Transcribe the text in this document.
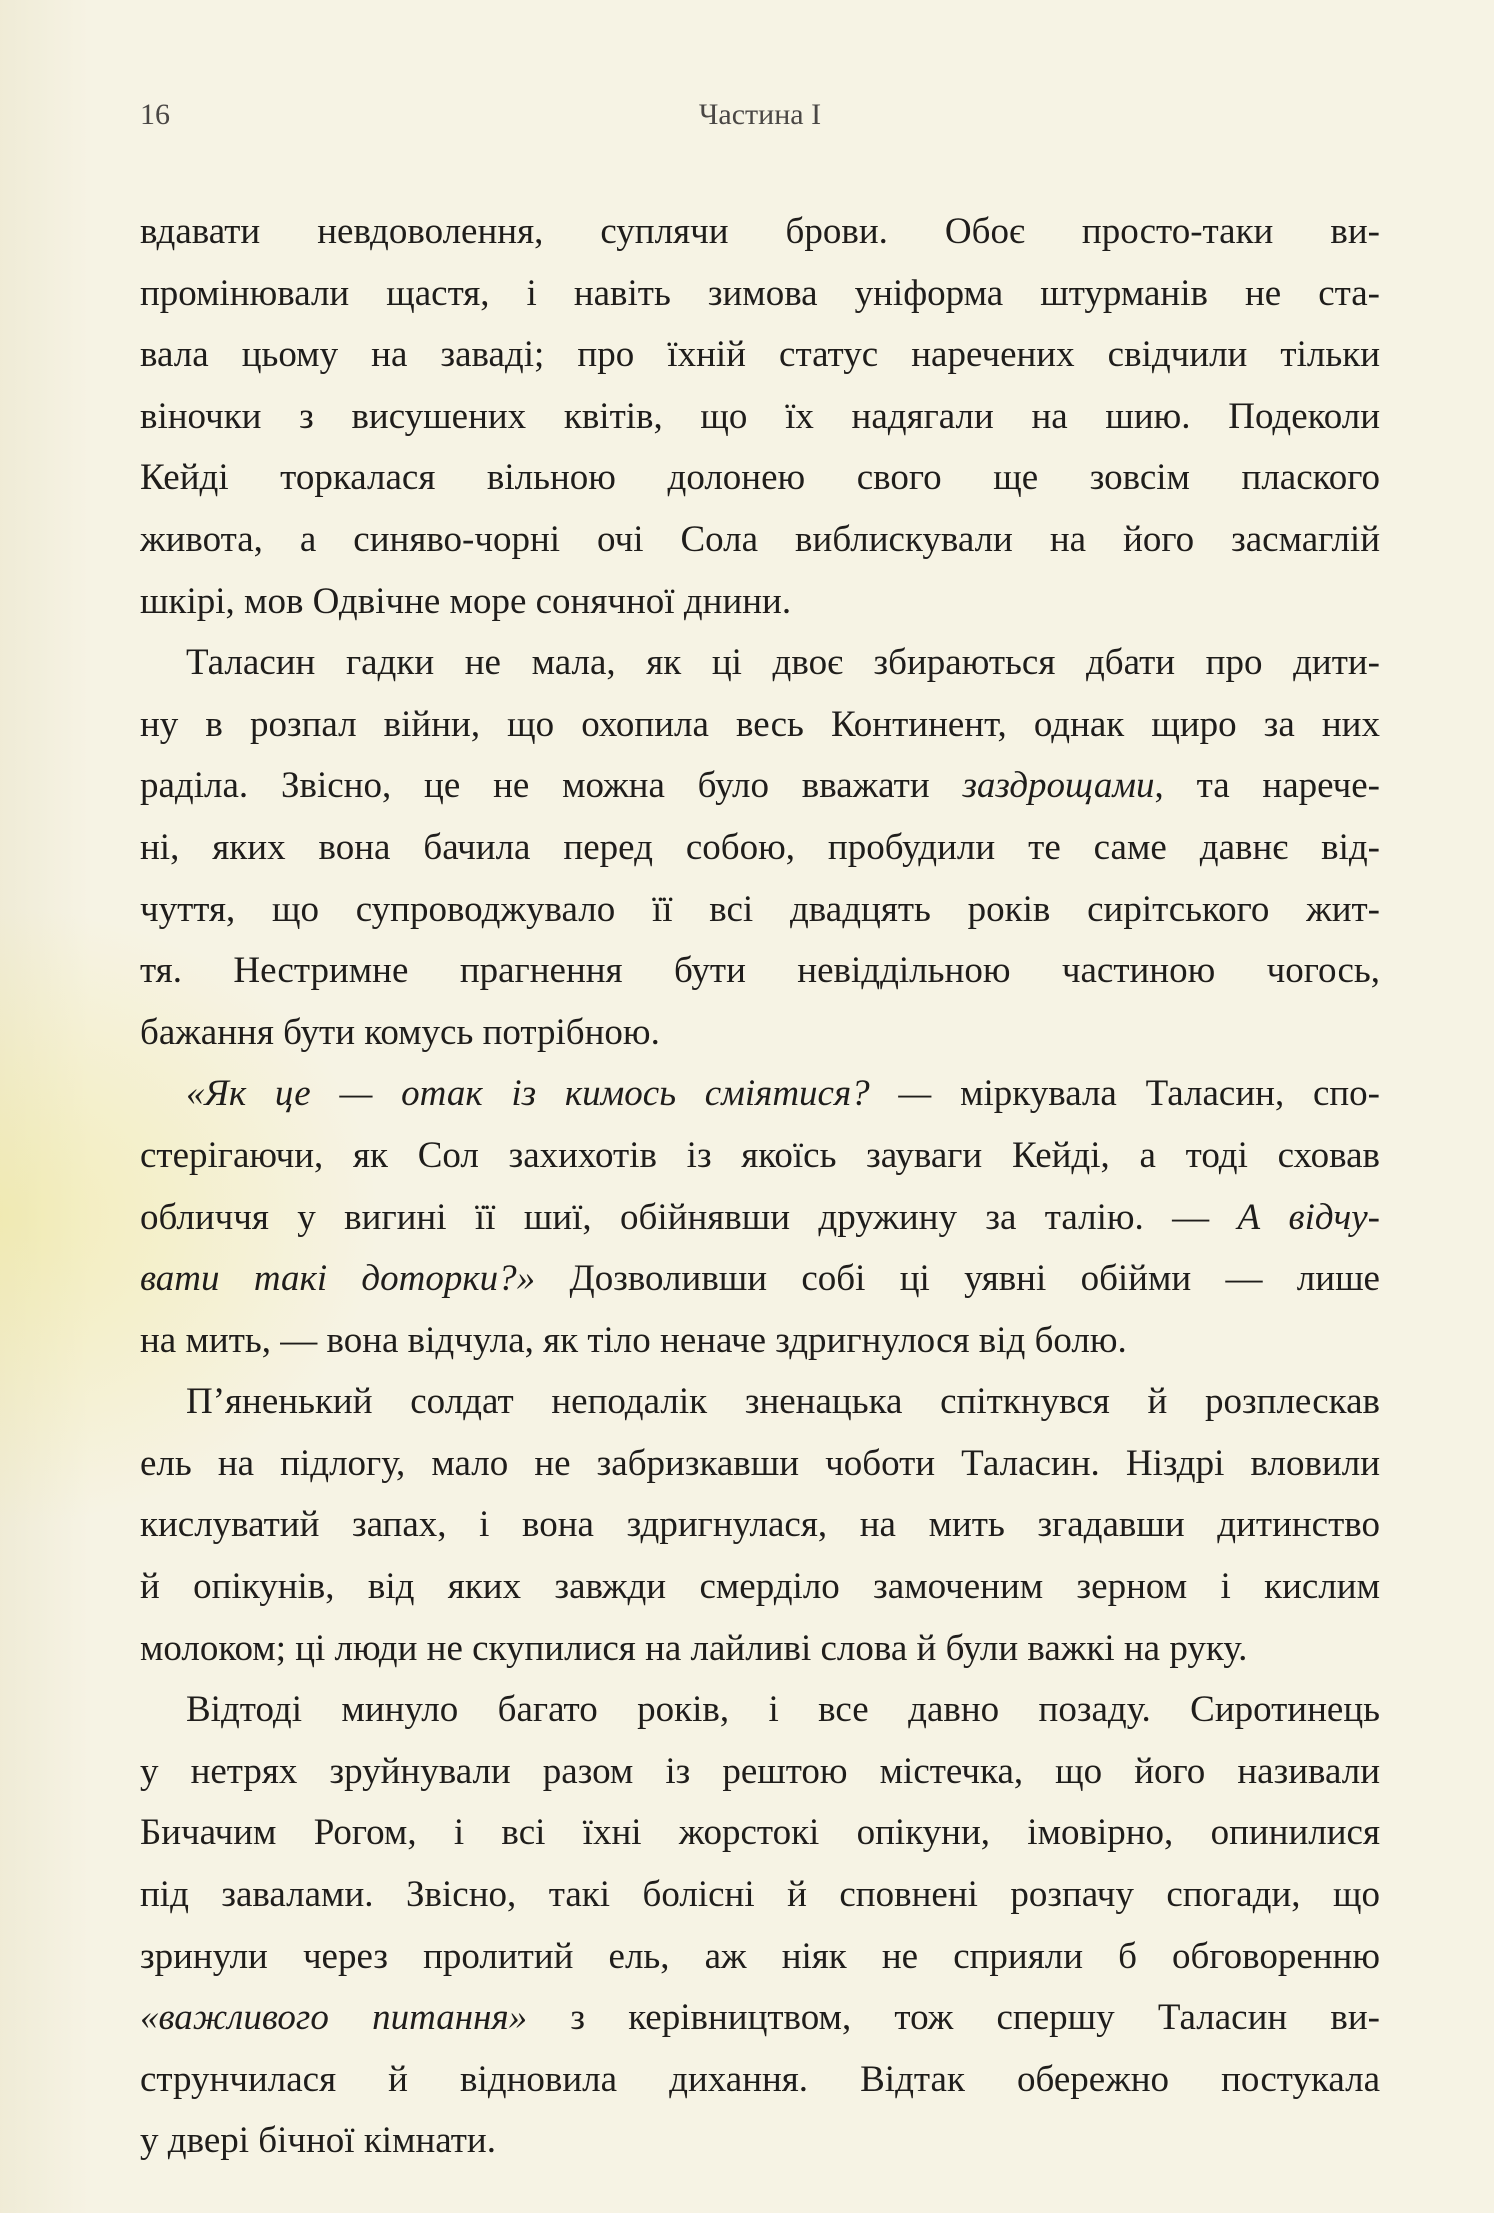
16	Частина І
вдавати невдоволення, суплячи брови. Обоє просто-таки ви-
промінювали щастя, і навіть зимова уніформа штурманів не ста-
вала цьому на заваді; про їхній статус наречених свідчили тільки
віночки з висушених квітів, що їх надягали на шию. Подеколи
Кейді торкалася вільною долонею свого ще зовсім плаского
живота, а синяво-чорні очі Сола виблискували на його засмаглій
шкірі, мов Одвічне море сонячної днини.
Таласин гадки не мала, як ці двоє збираються дбати про дити-
ну в розпал війни, що охопила весь Континент, однак щиро за них
раділа. Звісно, це не можна було вважати заздрощами, та нарече-
ні, яких вона бачила перед собою, пробудили те саме давнє від-
чуття, що супроводжувало її всі двадцять років сирітського жит-
тя. Нестримне прагнення бути невіддільною частиною чогось,
бажання бути комусь потрібною.
«Як це — отак із кимось сміятися? — міркувала Таласин, спо-
стерігаючи, як Сол захихотів із якоїсь зауваги Кейді, а тоді сховав
обличчя у вигині її шиї, обійнявши дружину за талію. — А відчу-
вати такі доторки?» Дозволивши собі ці уявні обійми — лише
на мить, — вона відчула, як тіло неначе здригнулося від болю.
П’яненький солдат неподалік зненацька спіткнувся й розплескав
ель на підлогу, мало не забризкавши чоботи Таласин. Ніздрі вловили
кислуватий запах, і вона здригнулася, на мить згадавши дитинство
й опікунів, від яких завжди смерділо замоченим зерном і кислим
молоком; ці люди не скупилися на лайливі слова й були важкі на руку.
Відтоді минуло багато років, і все давно позаду. Сиротинець
у нетрях зруйнували разом із рештою містечка, що його називали
Бичачим Рогом, і всі їхні жорстокі опікуни, імовірно, опинилися
під завалами. Звісно, такі болісні й сповнені розпачу спогади, що
зринули через пролитий ель, аж ніяк не сприяли б обговоренню
«важливого питання» з керівництвом, тож спершу Таласин ви-
струнчилася й відновила дихання. Відтак обережно постукала
у двері бічної кімнати.
